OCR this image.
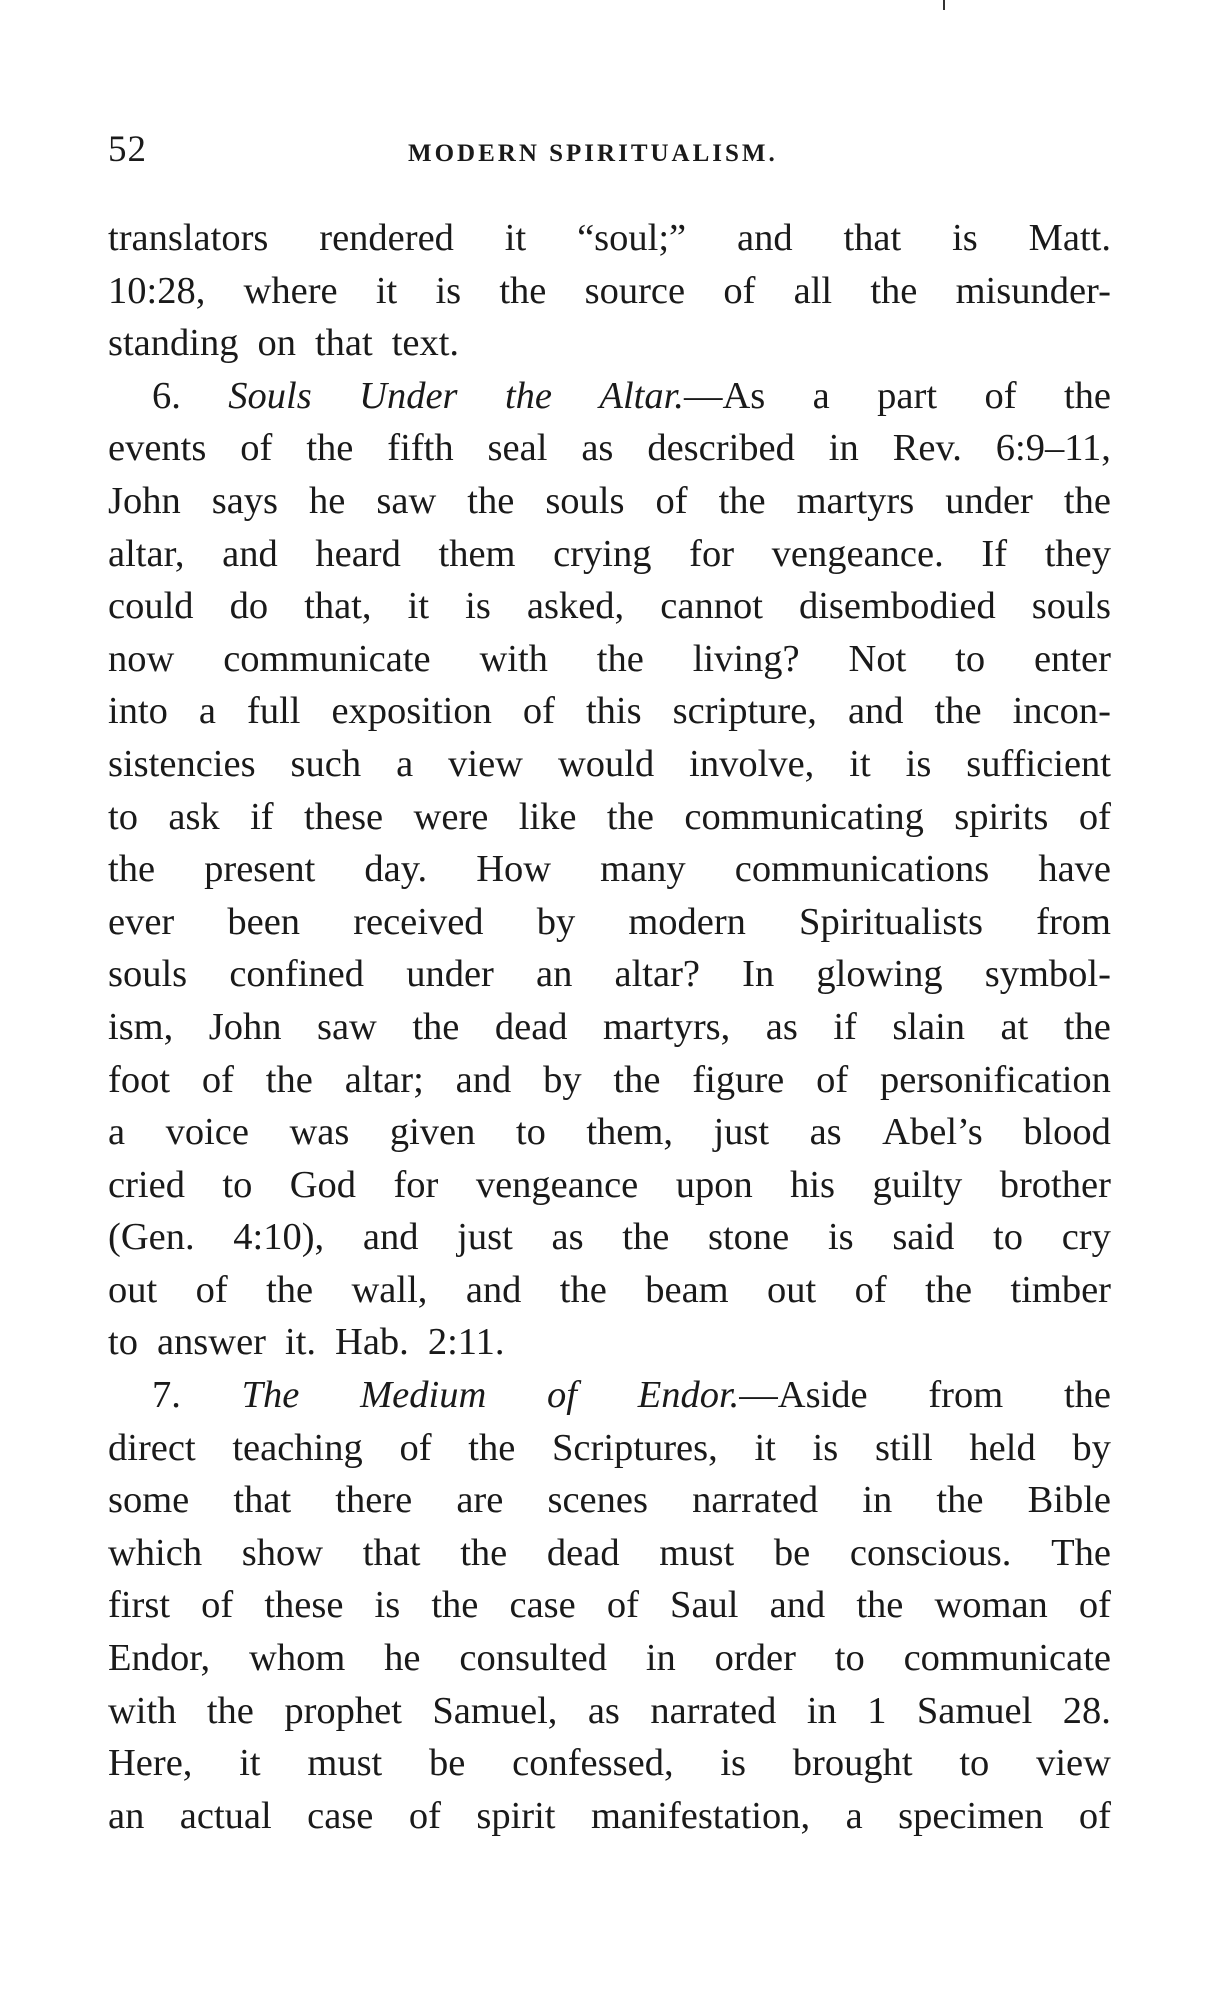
52	MODERN SPIRITUALISM.
translators rendered it “soul;” and that is Matt.
10:28, where it is the source of all the misunder-
standing on that text.
6. Souls Under the Altar.—As a part of the
events of the fifth seal as described in Rev. 6:9–11,
John says he saw the souls of the martyrs under the
altar, and heard them crying for vengeance. If they
could do that, it is asked, cannot disembodied souls
now communicate with the living? Not to enter
into a full exposition of this scripture, and the incon-
sistencies such a view would involve, it is sufficient
to ask if these were like the communicating spirits of
the present day. How many communications have
ever been received by modern Spiritualists from
souls confined under an altar? In glowing symbol-
ism, John saw the dead martyrs, as if slain at the
foot of the altar; and by the figure of personification
a voice was given to them, just as Abel’s blood
cried to God for vengeance upon his guilty brother
(Gen. 4:10), and just as the stone is said to cry
out of the wall, and the beam out of the timber
to answer it. Hab. 2:11.
7. The Medium of Endor.—Aside from the
direct teaching of the Scriptures, it is still held by
some that there are scenes narrated in the Bible
which show that the dead must be conscious. The
first of these is the case of Saul and the woman of
Endor, whom he consulted in order to communicate
with the prophet Samuel, as narrated in 1 Samuel 28.
Here, it must be confessed, is brought to view
an actual case of spirit manifestation, a specimen of
